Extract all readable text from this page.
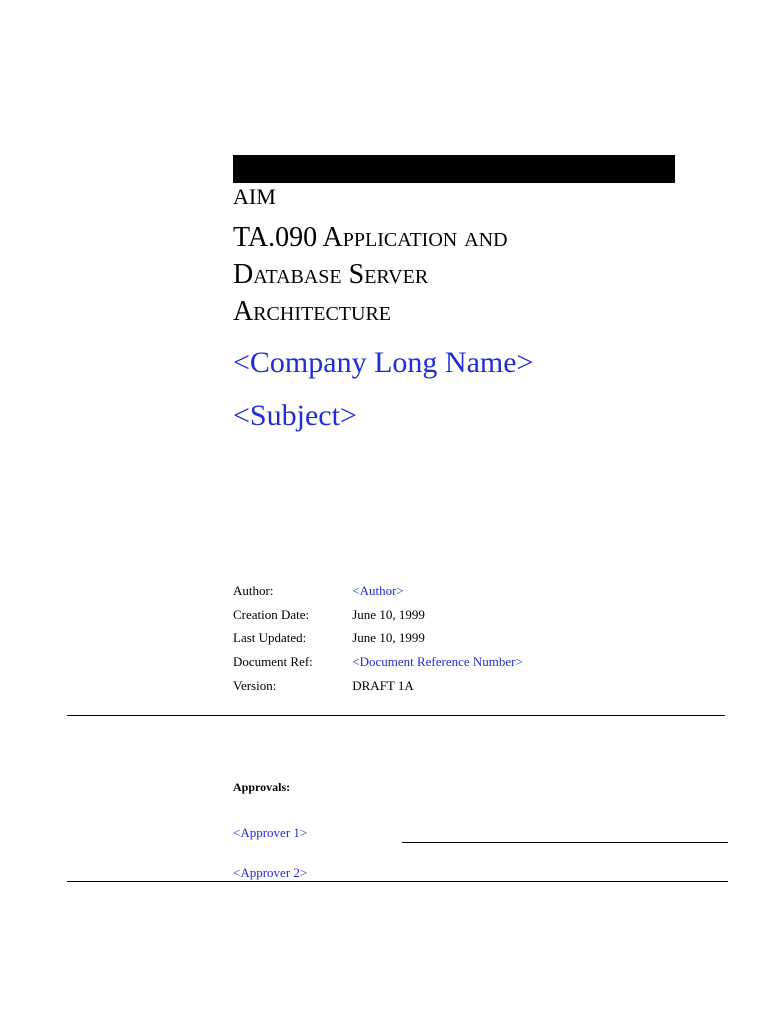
AIM
TA.090 Application and
Database Server
Architecture
<Company Long Name>
<Subject>
Author:	<Author>
Creation Date:	June 10, 1999
Last Updated:	June 10, 1999
Document Ref:	<Document Reference Number>
Version:	DRAFT 1A
Approvals:
<Approver 1>
<Approver 2>
